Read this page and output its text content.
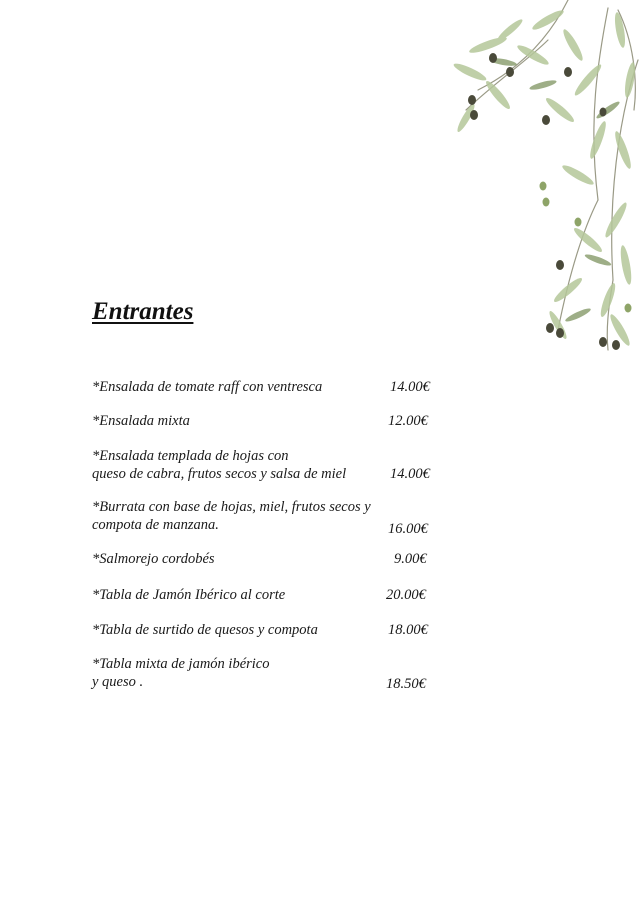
Entrantes
*Ensalada de tomate raff con ventresca	14.00€
*Ensalada mixta	12.00€
*Ensalada templada de hojas con
queso de cabra, frutos secos y salsa de miel	14.00€
*Burrata con base de hojas, miel, frutos secos y
compota de manzana.	16.00€
*Salmorejo cordobés	9.00€
*Tabla de Jamón Ibérico al corte	20.00€
*Tabla de surtido de quesos y compota	18.00€
*Tabla mixta de jamón ibérico
y queso .	18.50€
